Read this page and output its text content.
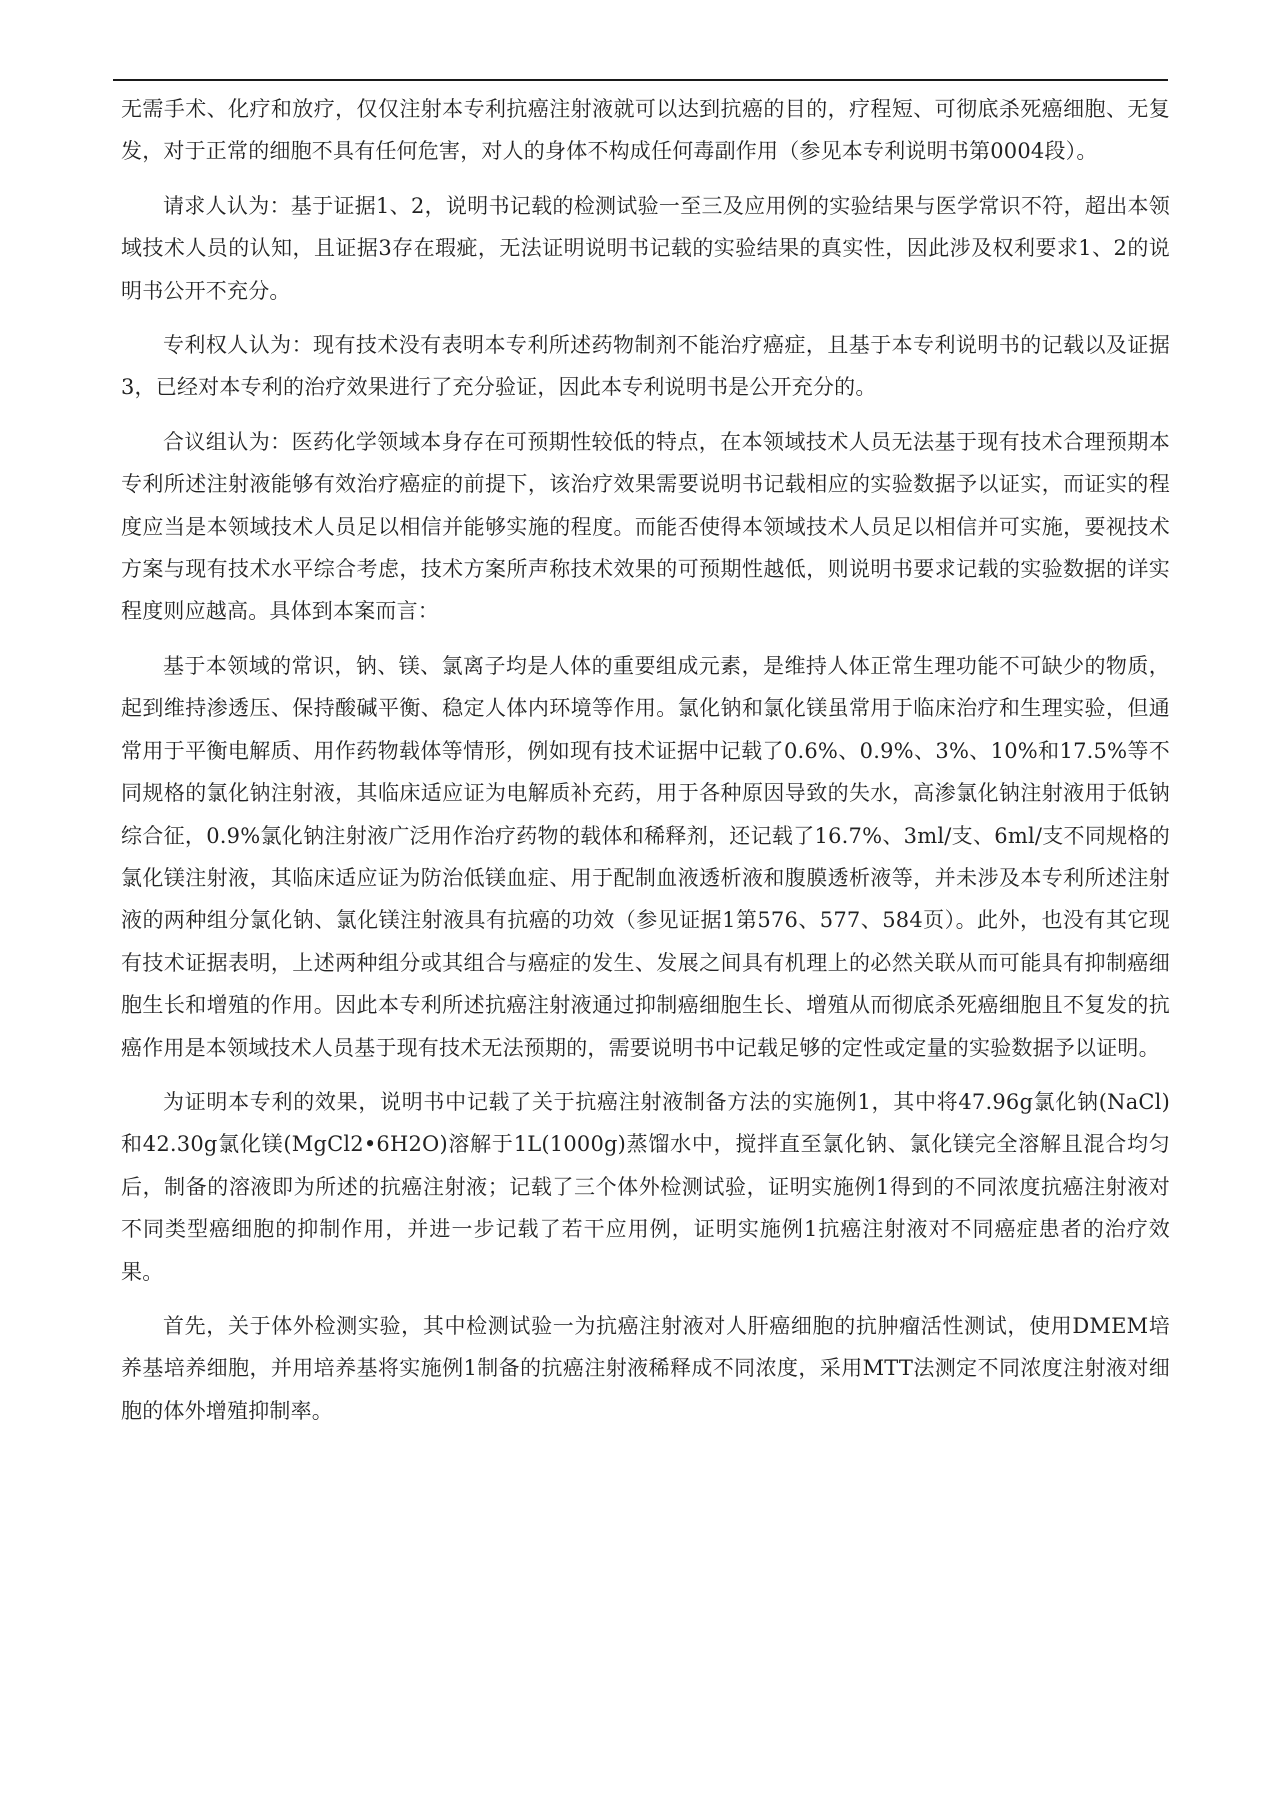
无需手术、化疗和放疗，仅仅注射本专利抗癌注射液就可以达到抗癌的目的，疗程短、可彻底杀死癌细胞、无复发，对于正常的细胞不具有任何危害，对人的身体不构成任何毒副作用（参见本专利说明书第0004段）。

请求人认为：基于证据1、2，说明书记载的检测试验一至三及应用例的实验结果与医学常识不符，超出本领域技术人员的认知，且证据3存在瑕疵，无法证明说明书记载的实验结果的真实性，因此涉及权利要求1、2的说明书公开不充分。

专利权人认为：现有技术没有表明本专利所述药物制剂不能治疗癌症，且基于本专利说明书的记载以及证据3，已经对本专利的治疗效果进行了充分验证，因此本专利说明书是公开充分的。

合议组认为：医药化学领域本身存在可预期性较低的特点，在本领域技术人员无法基于现有技术合理预期本专利所述注射液能够有效治疗癌症的前提下，该治疗效果需要说明书记载相应的实验数据予以证实，而证实的程度应当是本领域技术人员足以相信并能够实施的程度。而能否使得本领域技术人员足以相信并可实施，要视技术方案与现有技术水平综合考虑，技术方案所声称技术效果的可预期性越低，则说明书要求记载的实验数据的详实程度则应越高。具体到本案而言：

基于本领域的常识，钠、镁、氯离子均是人体的重要组成元素，是维持人体正常生理功能不可缺少的物质，起到维持渗透压、保持酸碱平衡、稳定人体内环境等作用。氯化钠和氯化镁虽常用于临床治疗和生理实验，但通常用于平衡电解质、用作药物载体等情形，例如现有技术证据中记载了0.6%、0.9%、3%、10%和17.5%等不同规格的氯化钠注射液，其临床适应证为电解质补充药，用于各种原因导致的失水，高渗氯化钠注射液用于低钠综合征，0.9%氯化钠注射液广泛用作治疗药物的载体和稀释剂，还记载了16.7%、3ml/支、6ml/支不同规格的氯化镁注射液，其临床适应证为防治低镁血症、用于配制血液透析液和腹膜透析液等，并未涉及本专利所述注射液的两种组分氯化钠、氯化镁注射液具有抗癌的功效（参见证据1第576、577、584页）。此外，也没有其它现有技术证据表明，上述两种组分或其组合与癌症的发生、发展之间具有机理上的必然关联从而可能具有抑制癌细胞生长和增殖的作用。因此本专利所述抗癌注射液通过抑制癌细胞生长、增殖从而彻底杀死癌细胞且不复发的抗癌作用是本领域技术人员基于现有技术无法预期的，需要说明书中记载足够的定性或定量的实验数据予以证明。

为证明本专利的效果，说明书中记载了关于抗癌注射液制备方法的实施例1，其中将47.96g氯化钠(NaCl)和42.30g氯化镁(MgCl2•6H2O)溶解于1L(1000g)蒸馏水中，搅拌直至氯化钠、氯化镁完全溶解且混合均匀后，制备的溶液即为所述的抗癌注射液；记载了三个体外检测试验，证明实施例1得到的不同浓度抗癌注射液对不同类型癌细胞的抑制作用，并进一步记载了若干应用例，证明实施例1抗癌注射液对不同癌症患者的治疗效果。

首先，关于体外检测实验，其中检测试验一为抗癌注射液对人肝癌细胞的抗肿瘤活性测试，使用DMEM培养基培养细胞，并用培养基将实施例1制备的抗癌注射液稀释成不同浓度，采用MTT法测定不同浓度注射液对细胞的体外增殖抑制率。
